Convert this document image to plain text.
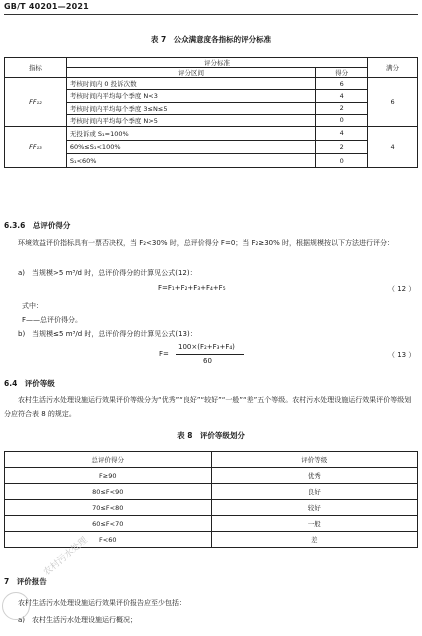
GB/T 40201—2021
表 7　公众满意度各指标的评分标准
指标	评分标准		满分
	评分区间	得分	
FF₁₂	考核时间内 0 投诉次数	6	6
	考核时间内平均每个季度 N<3	4	
	考核时间内平均每个季度 3≤N≤5	2	
	考核时间内平均每个季度 N>5	0	
FF₁₃	无投诉或 S₁=100%	4	4
	60%≤S₁<100%	2	
	S₁<60%	0	
6.3.6　总评价得分
环境效益评价指标具有一票否决权，当 F₂<30% 时，总评价得分 F=0；当 F₂≥30% 时，根据规模按以下方法进行评分：
a)　当规模>5 m³/d 时，总评价得分的计算见公式(12)：
F=F₁+F₂+F₃+F₄+F₅	（ 12 ）
式中：
F——总评价得分。
b)　当规模≤5 m³/d 时，总评价得分的计算见公式(13)：
F=
100×(F₂+F₃+F₄)
60
（ 13 ）
6.4　评价等级
农村生活污水处理设施运行效果评价等级分为“优秀”“良好”“较好”“一般”“差”五个等级。农村污水处理设施运行效果评价等级划分应符合表 8 的规定。
表 8　评价等级划分
总评价得分	评价等级
F≥90	优秀
80≤F<90	良好
70≤F<80	较好
60≤F<70	一般
F<60	差
7　评价报告
农村生活污水处理设施运行效果评价报告应至少包括：
a)　农村生活污水处理设施运行概况；
农村污水处理
